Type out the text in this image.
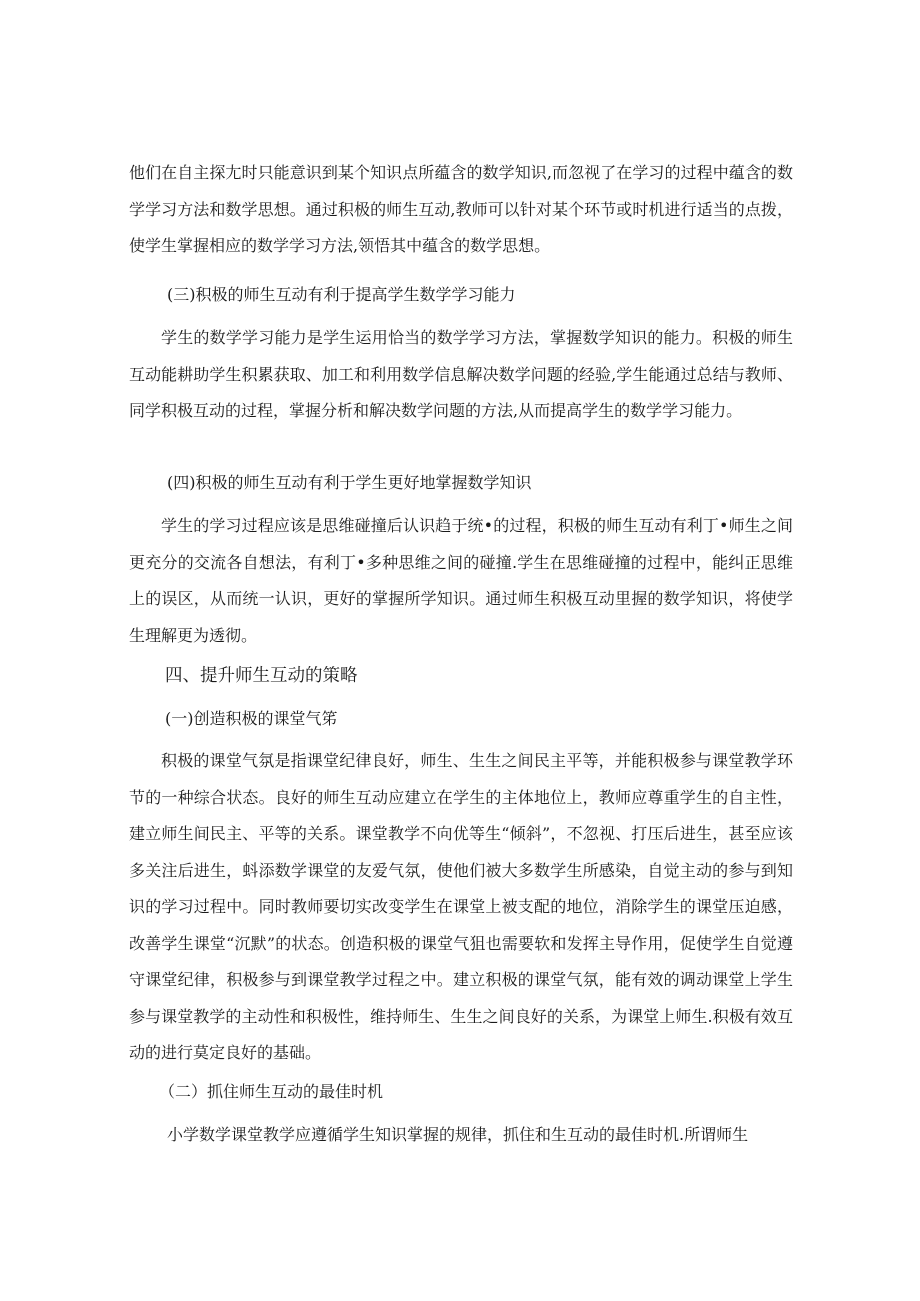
他们在自主探尢时只能意识到某个知识点所蕴含的数学知识,而忽视了在学习的过程中蕴含的数学学习方法和数学思想。通过积极的师生互动,教师可以针对某个环节或时机进行适当的点拨，使学生掌握相应的数学学习方法,领悟其中蕴含的数学思想。

(三)积极的师生互动有利于提高学生数学学习能力

学生的数学学习能力是学生运用恰当的数学学习方法，掌握数学知识的能力。积极的师生互动能耕助学生积累获取、加工和利用数学信息解决数学问题的经验,学生能通过总结与教师、同学积极互动的过程，掌握分析和解决数学问题的方法,从而提高学生的数学学习能力。

(四)积极的师生互动有利于学生更好地掌握数学知识

学生的学习过程应该是思维碰撞后认识趋于统•的过程，积极的师生互动有利丁•师生之间更充分的交流各自想法，有利丁•多种思维之间的碰撞.学生在思维碰撞的过程中，能纠正思维上的误区，从而统一认识，更好的掌握所学知识。通过师生积极互动里握的数学知识，将使学生理解更为透彻。

四、提升师生互动的策略

(一)创造积极的课堂气笫

积极的课堂气氛是指课堂纪律良好，师生、生生之间民主平等，并能积极参与课堂教学环节的一种综合状态。良好的师生互动应建立在学生的主体地位上，教师应尊重学生的自主性，建立师生间民主、平等的关系。课堂教学不向优等生“倾斜”，不忽视、打压后进生，甚至应该多关注后进生，蚪添数学课堂的友爱气氛，使他们被大多数学生所感染，自觉主动的参与到知识的学习过程中。同时教师要切实改变学生在课堂上被支配的地位，消除学生的课堂压迫感，改善学生课堂“沉默”的状态。创造积极的课堂气狙也需要软和发挥主导作用，促使学生自觉遵守课堂纪律，积极参与到课堂教学过程之中。建立积极的课堂气氛，能有效的调动课堂上学生参与课堂教学的主动性和积极性，维持师生、生生之间良好的关系，为课堂上师生.积极有效互动的进行莫定良好的基础。

（二）抓住师生互动的最佳时机

小学数学课堂教学应遵循学生知识掌握的规律，抓住和生互动的最佳时机.所谓师生
